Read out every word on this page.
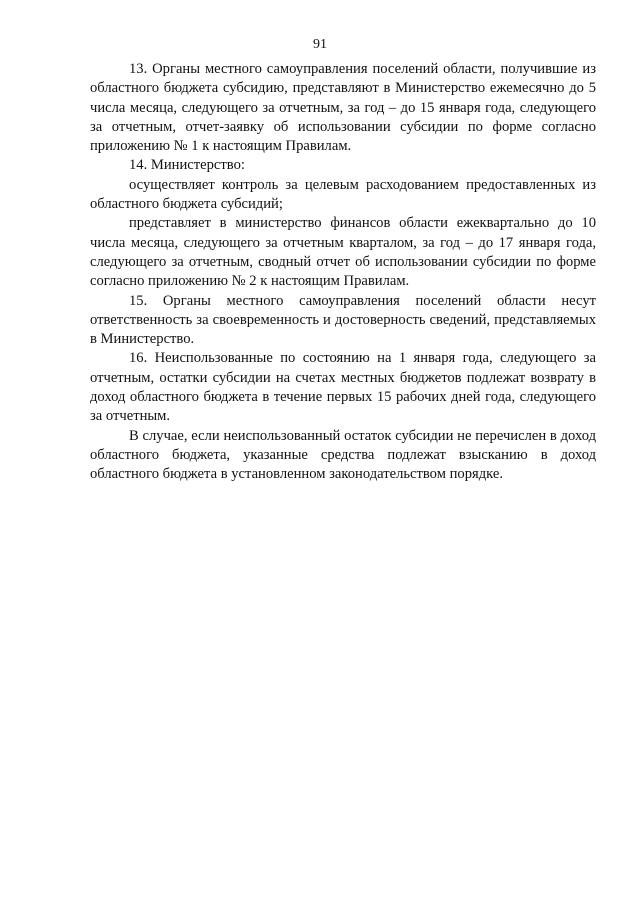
91

13. Органы местного самоуправления поселений области, получившие из областного бюджета субсидию, представляют в Министерство ежемесячно до 5 числа месяца, следующего за отчетным, за год – до 15 января года, следующего за отчетным, отчет-заявку об использовании субсидии по форме согласно приложению № 1 к настоящим Правилам.

14. Министерство:

осуществляет контроль за целевым расходованием предоставленных из областного бюджета субсидий;

представляет в министерство финансов области ежеквартально до 10 числа месяца, следующего за отчетным кварталом, за год – до 17 января года, следующего за отчетным, сводный отчет об использовании субсидии по форме согласно приложению № 2 к настоящим Правилам.

15. Органы местного самоуправления поселений области несут ответственность за своевременность и достоверность сведений, представляемых в Министерство.

16. Неиспользованные по состоянию на 1 января года, следующего за отчетным, остатки субсидии на счетах местных бюджетов подлежат возврату в доход областного бюджета в течение первых 15 рабочих дней года, следующего за отчетным.

В случае, если неиспользованный остаток субсидии не перечислен в доход областного бюджета, указанные средства подлежат взысканию в доход областного бюджета в установленном законодательством порядке.
